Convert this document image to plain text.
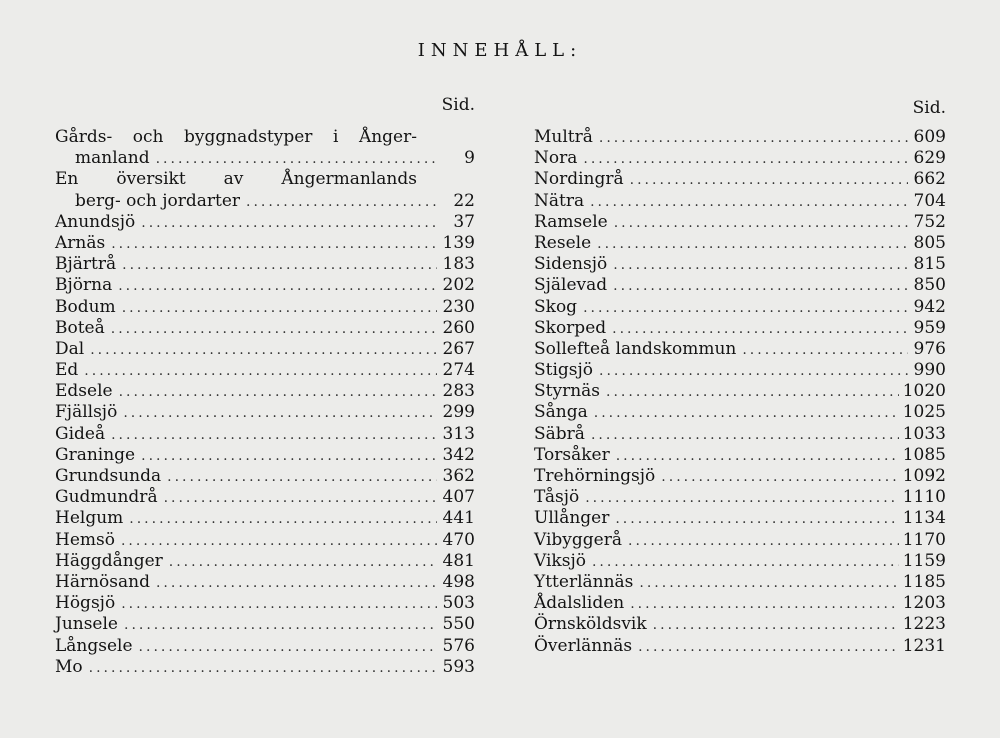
INNEHÅLL:
Sid.
Gårds- och byggnadstyper i Ånger-
manland .....	9
En översikt av Ångermanlands
berg- och jordarter .....	22
Anundsjö .....	37
Arnäs .....	139
Bjärtrå .....	183
Björna .....	202
Bodum .....	230
Boteå .....	260
Dal .....	267
Ed .....	274
Edsele .....	283
Fjällsjö .....	299
Gideå .....	313
Graninge .....	342
Grundsunda .....	362
Gudmundrå .....	407
Helgum .....	441
Hemsö .....	470
Häggdånger .....	481
Härnösand .....	498
Högsjö .....	503
Junsele .....	550
Långsele .....	576
Mo .....	593
Sid.
Multrå .....	609
Nora .....	629
Nordingrå .....	662
Nätra .....	704
Ramsele .....	752
Resele .....	805
Sidensjö .....	815
Själevad .....	850
Skog .....	942
Skorped .....	959
Sollefteå landskommun .....	976
Stigsjö .....	990
Styrnäs .....	1020
Sånga .....	1025
Säbrå .....	1033
Torsåker .....	1085
Trehörningsjö .....	1092
Tåsjö .....	1110
Ullånger .....	1134
Vibyggerå .....	1170
Viksjö .....	1159
Ytterlännäs .....	1185
Ådalsliden .....	1203
Örnsköldsvik .....	1223
Överlännäs .....	1231
